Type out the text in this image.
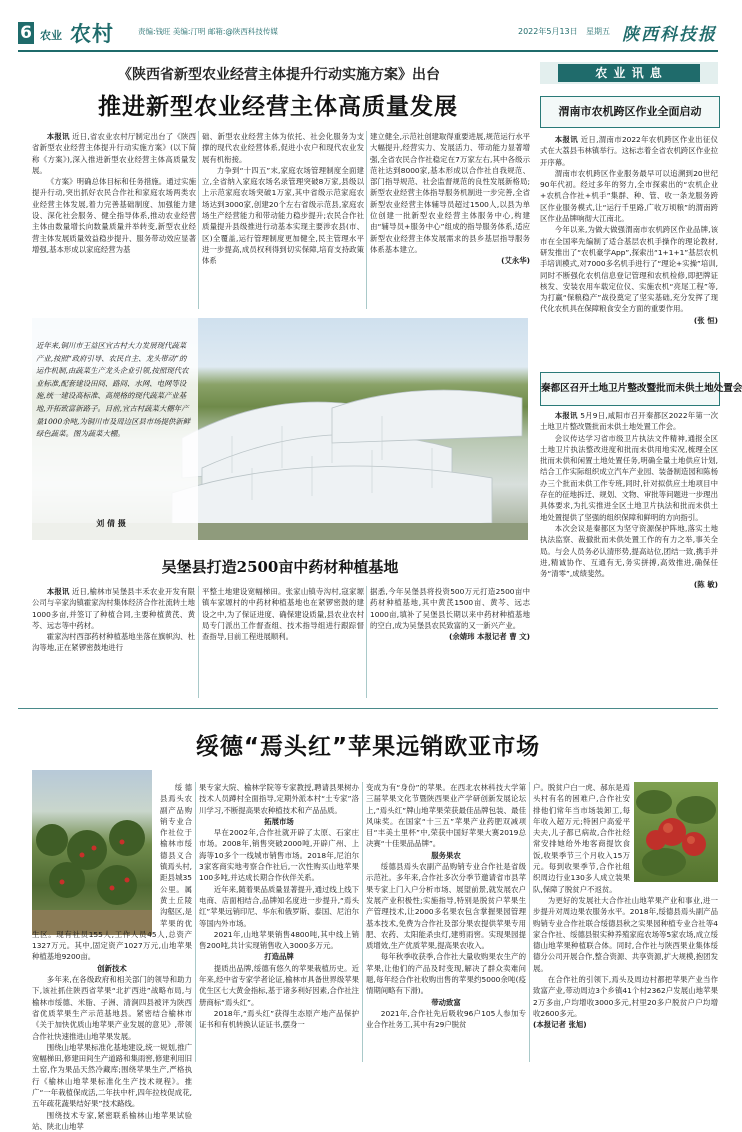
6 农业 农村	责编:钱旺 美编:汀明 邮箱:@陕西科技传媒	2022年5月13日 星期五 陕西科技报
《陕西省新型农业经营主体提升行动实施方案》出台
推进新型农业经营主体高质量发展

本报讯 近日,省农业农村厅制定出台了《陕西省新型农业经营主体提升行动实施方案》(以下简称《方案》),深入推进新型农业经营主体高质量发展。

《方案》明确总体目标和任务措施。通过实施提升行动,突出抓好农民合作社和家庭农场两类农业经营主体发展,着力完善基础制度、加强能力建设、深化社会服务、健全指导体系,推动农业经营主体由数量增长向数量质量并举转变,新型农业经营主体发展质量效益稳步提升、服务带动效应显著增强,基本形成以家庭经营为基

础、新型农业经营主体为依托、社会化服务为支撑的现代农业经营体系,促进小农户和现代农业发展有机衔接。

力争到“十四五”末,家庭农场管理制度全面建立,全省纳入家庭农场名录管理突破8万家,县级以上示范家庭农场突破1万家,其中省级示范家庭农场达到3000家,创建20个左右省级示范县,家庭农场生产经营能力和带动能力稳步提升;农民合作社质量提升县级推进行动基本实现主要涉农县(市、区)全覆盖,运行管理制度更加健全,民主管理水平进一步提高,成员权利得到切实保障,培育支持政策体系

建立健全,示范社创建取得重要进展,规范运行水平大幅提升,经营实力、发展活力、带动能力显著增强,全省农民合作社稳定在7万家左右,其中各级示范社达到8000家,基本形成以合作社自我规范、部门指导规范、社会监督规范的良性发展新格局;新型农业经营主体指导服务机制进一步完善,全省新型农业经营主体辅导员超过1500人,以县为单位创建一批新型农业经营主体服务中心,构建由“辅导员+服务中心”组成的指导服务体系,适应新型农业经营主体发展需求的县乡基层指导服务体系基本建立。

(艾永华)
农 业 讯 息
渭南市农机跨区作业全面启动

本报讯 近日,渭南市2022年农机跨区作业出征仪式在大荔县韦林镇举行。这标志着全省农机跨区作业拉开序幕。

渭南市农机跨区作业服务最早可以追溯到20世纪90年代初。经过多年的努力,全市探索出的“农机企业+农机合作社+机手”集群、种、管、收一条龙服务跨区作业服务模式,让“运行千里路,广收万顷粮”的渭南跨区作业品牌响彻大江南北。

今年以来,为做大做强渭南市农机跨区作业品牌,该市在全国率先编制了适合基层农机手操作的理论教材,研发推出了“农机豪学App”,探索出“1+1+1”基层农机手培训模式,对7000多名机手进行了“理论+实操”培训,同时不断强化农机信息登记管理和农机检修,即把牌证核发、安装农用车载定位仪、实施农机“亮尾工程”等,为打赢“保粮稳产”战役奠定了坚实基础,充分发挥了现代化农机具在保障粮食安全方面的重要作用。

(张 恒)
秦都区召开土地卫片整改暨批而未供土地处置会

本报讯 5月9日,咸阳市召开秦都区2022年第一次土地卫片整改暨批而未供土地处置工作会。

会议传达学习省市级卫片执法文件精神,通报全区土地卫片执法整改进度和批而未供用地实况,梳理全区批而未供和闲置土地处置任务,明确全量土地供应计划,结合工作实际组织成立汽车产业园、装备制造园和陈杨办三个批而未供工作专班,同时,针对拟供应土地项目中存在的征地拆迁、规划、文物、审批等问题进一步理出具体要求,为扎实推进全区土地卫片执法和批而未供土地处置提供了坚强的组织保障和鲜明的方向指引。

本次会议是秦都区为坚守资源保护阵地,落实土地执法监察、裁撤批而未供处置工作的有力之举,事关全局。与会人员务必认清形势,提高站位,团结一致,携手并进,精诚协作、互通有无,务实拼搏,高效推进,确保任务“清零”,成绩斐然。

(陈 敏)
近年来,铜川市王益区宜古村大力发展现代蔬菜产业,按照“政府引导、农民自主、龙头带动”的运作机制,由蔬菜生产龙头企业引领,按照现代农业标准,配套建设田间、路间、水网、电网等设施,统一建设高标准、高规格的现代蔬菜产业基地,开拓致富新路子。目前,宜古村蔬菜大棚年产量1000余吨,为铜川市及周边区县市场提供新鲜绿色蔬菜。图为蔬菜大棚。
刘 倩 摄
吴堡县打造2500亩中药材种植基地

本报讯 近日,榆林市吴堡县丰禾农业开发有限公司与辛家沟镇霍家沟村集体经济合作社流转土地1000多亩,并签订了种植合同,主要种植黄芪、黄芩、远志等中药材。

霍家沟村西部药材种植基地坐落在旗帜沟、杜沟等地,正在紧锣密鼓地进行

平整土地建设宽幅梯田。张家山镇寺沟村,寇家塬镇车家塬村的中药材种植基地也在紧锣密鼓的建设之中,为了保证进度、确保建设质量,县农业农村局专门派出工作督查组、技术指导组进行跟踪督查指导,目前工程进展顺利。

据悉,今年吴堡县将投资500万元打造2500亩中药材种植基地,其中黄芪1500亩、黄芩、远志1000亩,填补了吴堡县长期以来中药材种植基地的空白,成为吴堡县农民致富的又一新兴产业。

(余婧玮 本报记者 曹 文)
绥德“焉头红”苹果远销欧亚市场

绥德县焉头农副产品购销专业合作社位于榆林市绥德县义合镇焉头村,距县城35公里。属黄土丘陵沟壑区,是苹果的优生区。现有社员155人,工作人员45人,总资产1327万元。其中,固定资产1027万元,山地苹果种植基地9200亩。

创新技术

多年来,在各级政府和相关部门的领导和助力下,该社抓住陕西省苹果“北扩西进”战略布局,与榆林市绥德、米脂、子洲、清涧四县被评为陕西省优质苹果生产示范基地县。紧密结合榆林市《关于加快优质山地苹果产业发展的意见》,带领合作社快速推进山地苹果发展。

围绕山地苹果标准化基地建设,统一规划,推广宽幅梯田,修建田间生产道路和集雨窖,修建利用旧土窑,作为果品天然冷藏库;围绕苹果生产,严格执行《榆林山地苹果标准化生产技术规程》。推广“一年栽植保成活,二年扶中杆,四年拉枝促成花,五年疏花蔬果结好果”技术路线。

围绕技术专家,紧密联系榆林山地苹果试验站、陕北山地苹

果专家大院、榆林学院等专家教授,聘请县果树办技术人员蹲村全面指导,定期外派本村“土专家”洛川学习,不断提高果农种植技术和产品品质。

拓展市场

早在2002年,合作社就开辟了太原、石家庄市场。2008年,销售突破2000吨,开辟广州、上海等10多个一线城市销售市场。2018年,尼泊尔3家客商实地考察合作社后,一次性购买山地苹果100多吨,并达成长期合作伙伴关系。

近年来,随着果品质量显著提升,通过线上线下电商、店面相结合,品牌知名度进一步提升,“焉头红”苹果远销印尼、华东和俄罗斯、泰国、尼泊尔等国内外市场。

2021年,山地苹果销售4800吨,其中线上销售200吨,共计实现销售收入3000多万元。

打造品牌

提质出品牌,绥德有悠久的苹果栽植历史。近年来,经中省专家学者论证,榆林市具备世界级苹果优生区七大黄金指标,基于诸多利好因素,合作社注册商标“焉头红”。

2018年,“焉头红”获得生态原产地产品保护证书和有机转换认证证书,摆身一

变成为有“身份”的苹果。在西北农林科技大学第三届苹果文化节暨陕西果业产学研创新发展论坛上,“焉头红”牌山地苹果荣获最佳品牌包装、最佳风味奖。在国家“十三五”苹果产业药肥双减项目“丰美土里杯”中,荣获中国好苹果大赛2019总决赛“十佳果品品牌”。

服务果农

绥德县焉头农副产品购销专业合作社是省级示范社。多年来,合作社多次分季节邀请省市县苹果专家上门入户分析市场、展望前景,就发展农户发展产业积极性;实施指导,特别是脱贫户苹果生产管理技术,让2000多名果农包含掌握果园管理基本技术,免费为合作社及部分果农提供苹果专用肥、农药、太阳能杀虫灯,建剪雨窖。实现果园提质增效,生产优质苹果,提高果农收入。

每年秋季收获季,合作社大量收购果农生产的苹果,让他们的产品及时变现,解决了群众卖难问题,每年经合作社收购出售的苹果约5000余吨(疫情期间略有下滑)。

带动致富

2021年,合作社先后吸收96户105人参加专业合作社务工,其中有29户脱贫

户。脱贫户白一虎、郝东是焉头村有名的困难户,合作社安排他们常年当市场装卸工,每年收入超万元;特困户高爱平夫夫,儿子都已病故,合作社经常安排她给外地客商提饮食饭,收果季节三个月收入15万元。每到收果季节,合作社组织周边行业130多人成立装果队,保障了脱贫户不返贫。

为更好的发展社大合作社山地苹果产业和事业,进一步提升对周边果农服务水平。2018年,绥德县焉头副产品购销专业合作社联合绥德县秋之实果园种植专业合社等4家合作社、绥德县银实种养殖家庭农场等5家农场,成立绥德山地苹果种植联合体。同时,合作社与陕西果业集体绥德分公司开展合作,整合资源、共享资源,扩大规模,抱团发展。

在合作社的引领下,焉头及周边村都把苹果产业当作致富产业,带动周边3个乡镇41个村2362户发展山地苹果2万多亩,户均增收3000多元,村里20多户脱贫户户均增收2600多元。

(本报记者 张旭)
